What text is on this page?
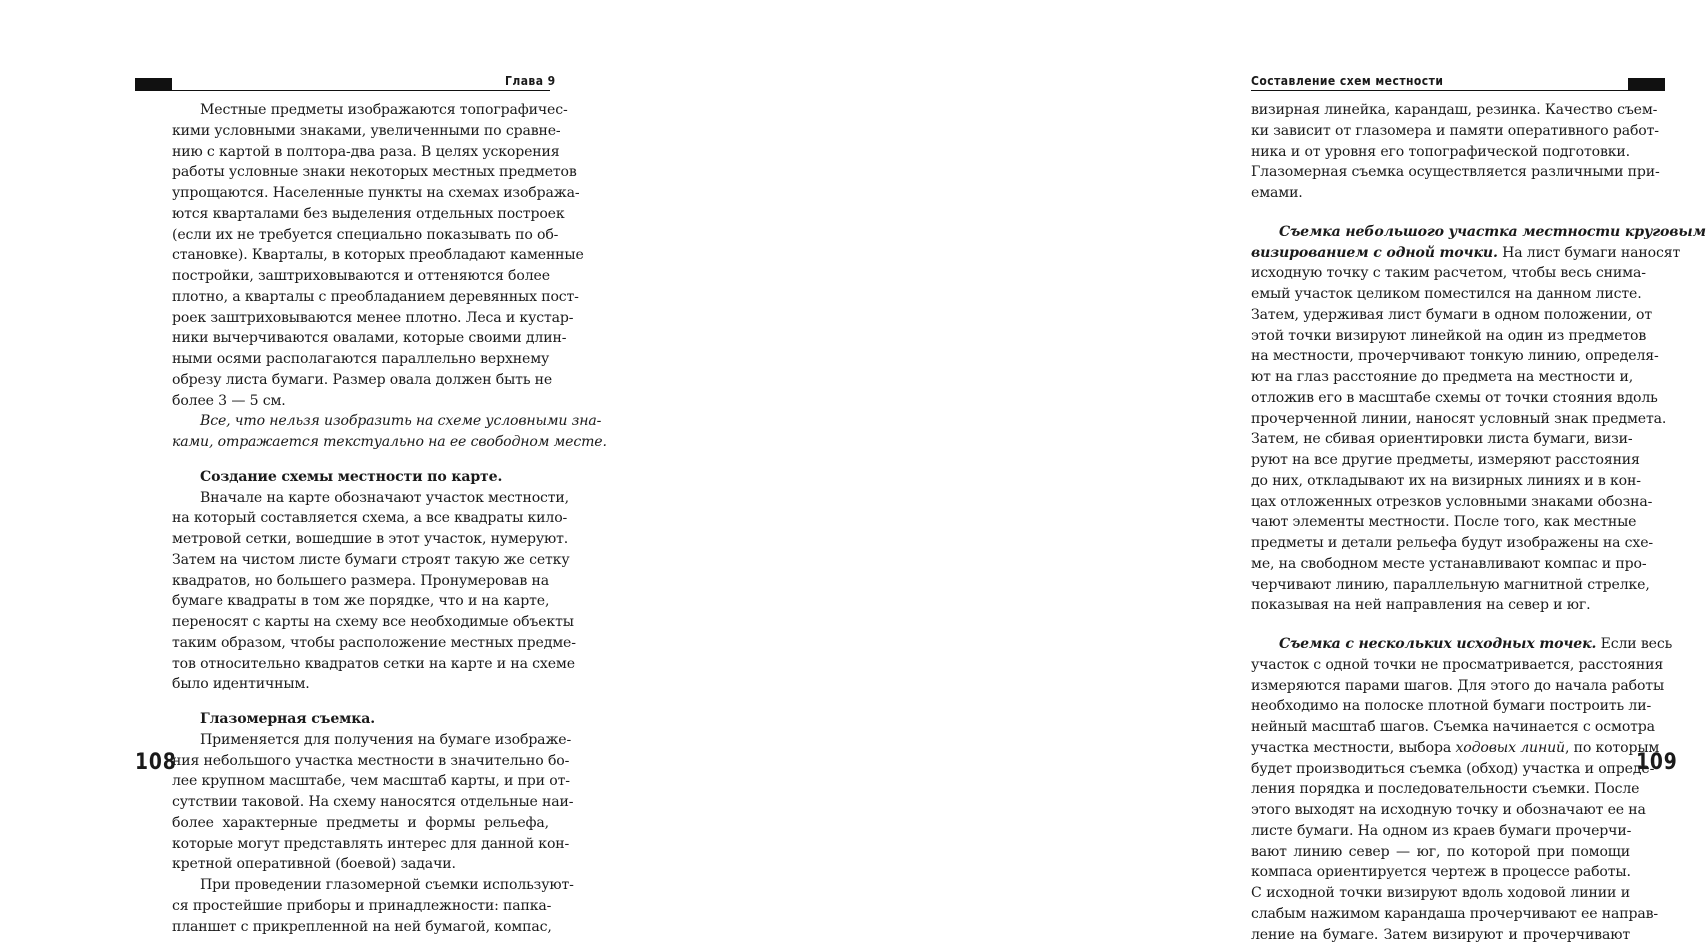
Глава 9
Местные предметы изображаются топографичес-
кими условными знаками, увеличенными по сравне-
нию с картой в полтора-два раза. В целях ускорения
работы условные знаки некоторых местных предметов
упрощаются. Населенные пункты на схемах изобража-
ются кварталами без выделения отдельных построек
(если их не требуется специально показывать по об-
становке). Кварталы, в которых преобладают каменные
постройки, заштриховываются и оттеняются более
плотно, а кварталы с преобладанием деревянных пост-
роек заштриховываются менее плотно. Леса и кустар-
ники вычерчиваются овалами, которые своими длин-
ными осями располагаются параллельно верхнему
обрезу листа бумаги. Размер овала должен быть не
более 3 — 5 см.
Все, что нельзя изобразить на схеме условными зна-
ками, отражается текстуально на ее свободном месте.
Создание схемы местности по карте.
Вначале на карте обозначают участок местности,
на который составляется схема, а все квадраты кило-
метровой сетки, вошедшие в этот участок, нумеруют.
Затем на чистом листе бумаги строят такую же сетку
квадратов, но большего размера. Пронумеровав на
бумаге квадраты в том же порядке, что и на карте,
переносят с карты на схему все необходимые объекты
таким образом, чтобы расположение местных предме-
тов относительно квадратов сетки на карте и на схеме
было идентичным.
Глазомерная съемка.
Применяется для получения на бумаге изображе-
ния небольшого участка местности в значительно бо-
лее крупном масштабе, чем масштаб карты, и при от-
сутствии таковой. На схему наносятся отдельные наи-
более характерные предметы и формы рельефа,
которые могут представлять интерес для данной кон-
кретной оперативной (боевой) задачи.
При проведении глазомерной съемки используют-
ся простейшие приборы и принадлежности: папка-
планшет с прикрепленной на ней бумагой, компас,
108
Составление схем местности
визирная линейка, карандаш, резинка. Качество съем-
ки зависит от глазомера и памяти оперативного работ-
ника и от уровня его топографической подготовки.
Глазомерная съемка осуществляется различными при-
емами.
Съемка небольшого участка местности круговым
визированием с одной точки. На лист бумаги наносят
исходную точку с таким расчетом, чтобы весь снима-
емый участок целиком поместился на данном листе.
Затем, удерживая лист бумаги в одном положении, от
этой точки визируют линейкой на один из предметов
на местности, прочерчивают тонкую линию, определя-
ют на глаз расстояние до предмета на местности и,
отложив его в масштабе схемы от точки стояния вдоль
прочерченной линии, наносят условный знак предмета.
Затем, не сбивая ориентировки листа бумаги, визи-
руют на все другие предметы, измеряют расстояния
до них, откладывают их на визирных линиях и в кон-
цах отложенных отрезков условными знаками обозна-
чают элементы местности. После того, как местные
предметы и детали рельефа будут изображены на схе-
ме, на свободном месте устанавливают компас и про-
черчивают линию, параллельную магнитной стрелке,
показывая на ней направления на север и юг.
Съемка с нескольких исходных точек. Если весь
участок с одной точки не просматривается, расстояния
измеряются парами шагов. Для этого до начала работы
необходимо на полоске плотной бумаги построить ли-
нейный масштаб шагов. Съемка начинается с осмотра
участка местности, выбора ходовых линий, по которым
будет производиться съемка (обход) участка и опреде-
ления порядка и последовательности съемки. После
этого выходят на исходную точку и обозначают ее на
листе бумаги. На одном из краев бумаги прочерчи-
вают линию север — юг, по которой при помощи
компаса ориентируется чертеж в процессе работы.
С исходной точки визируют вдоль ходовой линии и
слабым нажимом карандаша прочерчивают ее направ-
ление на бумаге. Затем визируют и прочерчивают
109
